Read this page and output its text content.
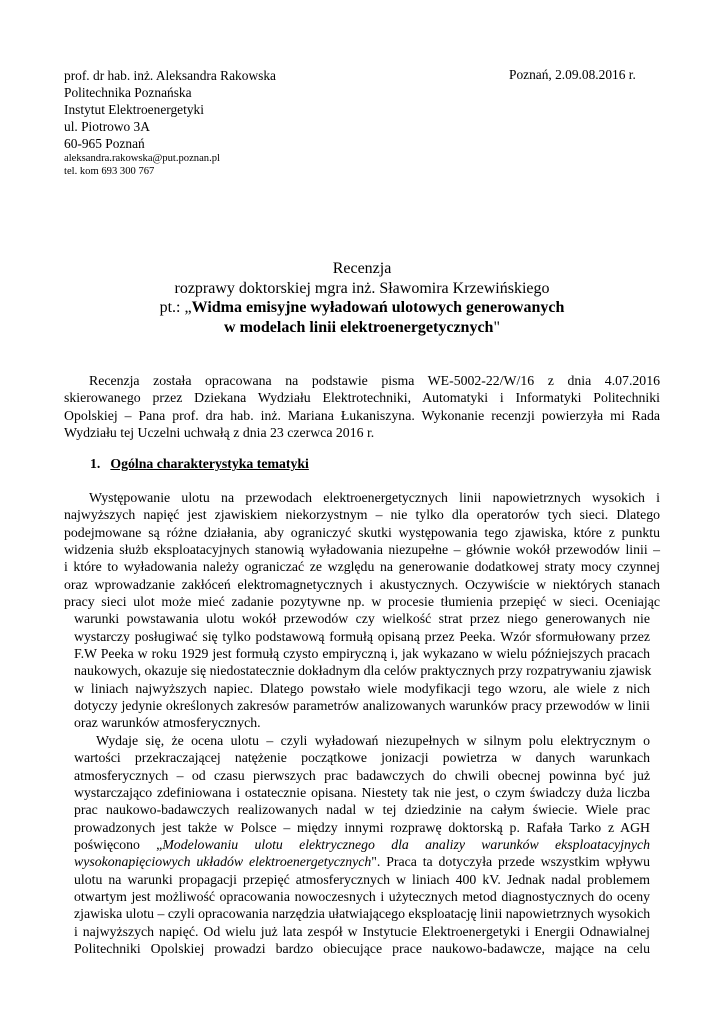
prof. dr hab. inż. Aleksandra Rakowska
Politechnika Poznańska
Instytut Elektroenergetyki
ul. Piotrowo 3A
60-965 Poznań
aleksandra.rakowska@put.poznan.pl
tel. kom 693 300 767
Poznań, 2.09.08.2016 r.
Recenzja
rozprawy doktorskiej mgra inż. Sławomira Krzewińskiego
pt.: „Widma emisyjne wyładowań ulotowych generowanych
w modelach linii elektroenergetycznych"
Recenzja została opracowana na podstawie pisma WE-5002-22/W/16 z dnia 4.07.2016
skierowanego przez Dziekana Wydziału Elektrotechniki, Automatyki i Informatyki Politechniki
Opolskiej – Pana prof. dra hab. inż. Mariana Łukaniszyna. Wykonanie recenzji powierzyła mi Rada
Wydziału tej Uczelni uchwałą z dnia 23 czerwca 2016 r.
1. Ogólna charakterystyka tematyki
Występowanie ulotu na przewodach elektroenergetycznych linii napowietrznych wysokich i
najwyższych napięć jest zjawiskiem niekorzystnym – nie tylko dla operatorów tych sieci. Dlatego
podejmowane są różne działania, aby ograniczyć skutki występowania tego zjawiska, które z punktu
widzenia służb eksploatacyjnych stanowią wyładowania niezupełne – głównie wokół przewodów linii –
i które to wyładowania należy ograniczać ze względu na generowanie dodatkowej straty mocy czynnej
oraz wprowadzanie zakłóceń elektromagnetycznych i akustycznych. Oczywiście w niektórych stanach
pracy sieci ulot może mieć zadanie pozytywne np. w procesie tłumienia przepięć w sieci. Oceniając
warunki powstawania ulotu wokół przewodów czy wielkość strat przez niego generowanych nie
wystarczy posługiwać się tylko podstawową formułą opisaną przez Peeka. Wzór sformułowany przez
F.W Peeka w roku 1929 jest formułą czysto empiryczną i, jak wykazano w wielu późniejszych pracach
naukowych, okazuje się niedostatecznie dokładnym dla celów praktycznych przy rozpatrywaniu zjawisk
w liniach najwyższych napiec. Dlatego powstało wiele modyfikacji tego wzoru, ale wiele z nich
dotyczy jedynie określonych zakresów parametrów analizowanych warunków pracy przewodów w linii
oraz warunków atmosferycznych.
Wydaje się, że ocena ulotu – czyli wyładowań niezupełnych w silnym polu elektrycznym o
wartości przekraczającej natężenie początkowe jonizacji powietrza w danych warunkach
atmosferycznych – od czasu pierwszych prac badawczych do chwili obecnej powinna być już
wystarczająco zdefiniowana i ostatecznie opisana. Niestety tak nie jest, o czym świadczy duża liczba
prac naukowo-badawczych realizowanych nadal w tej dziedzinie na całym świecie. Wiele prac
prowadzonych jest także w Polsce – między innymi rozprawę doktorską p. Rafała Tarko z AGH
poświęcono „Modelowaniu ulotu elektrycznego dla analizy warunków eksploatacyjnych
wysokonapięciowych układów elektroenergetycznych". Praca ta dotyczyła przede wszystkim wpływu
ulotu na warunki propagacji przepięć atmosferycznych w liniach 400 kV. Jednak nadal problemem
otwartym jest możliwość opracowania nowoczesnych i użytecznych metod diagnostycznych do oceny
zjawiska ulotu – czyli opracowania narzędzia ułatwiającego eksploatację linii napowietrznych wysokich
i najwyższych napięć. Od wielu już lata zespół w Instytucie Elektroenergetyki i Energii Odnawialnej
Politechniki Opolskiej prowadzi bardzo obiecujące prace naukowo-badawcze, mające na celu
